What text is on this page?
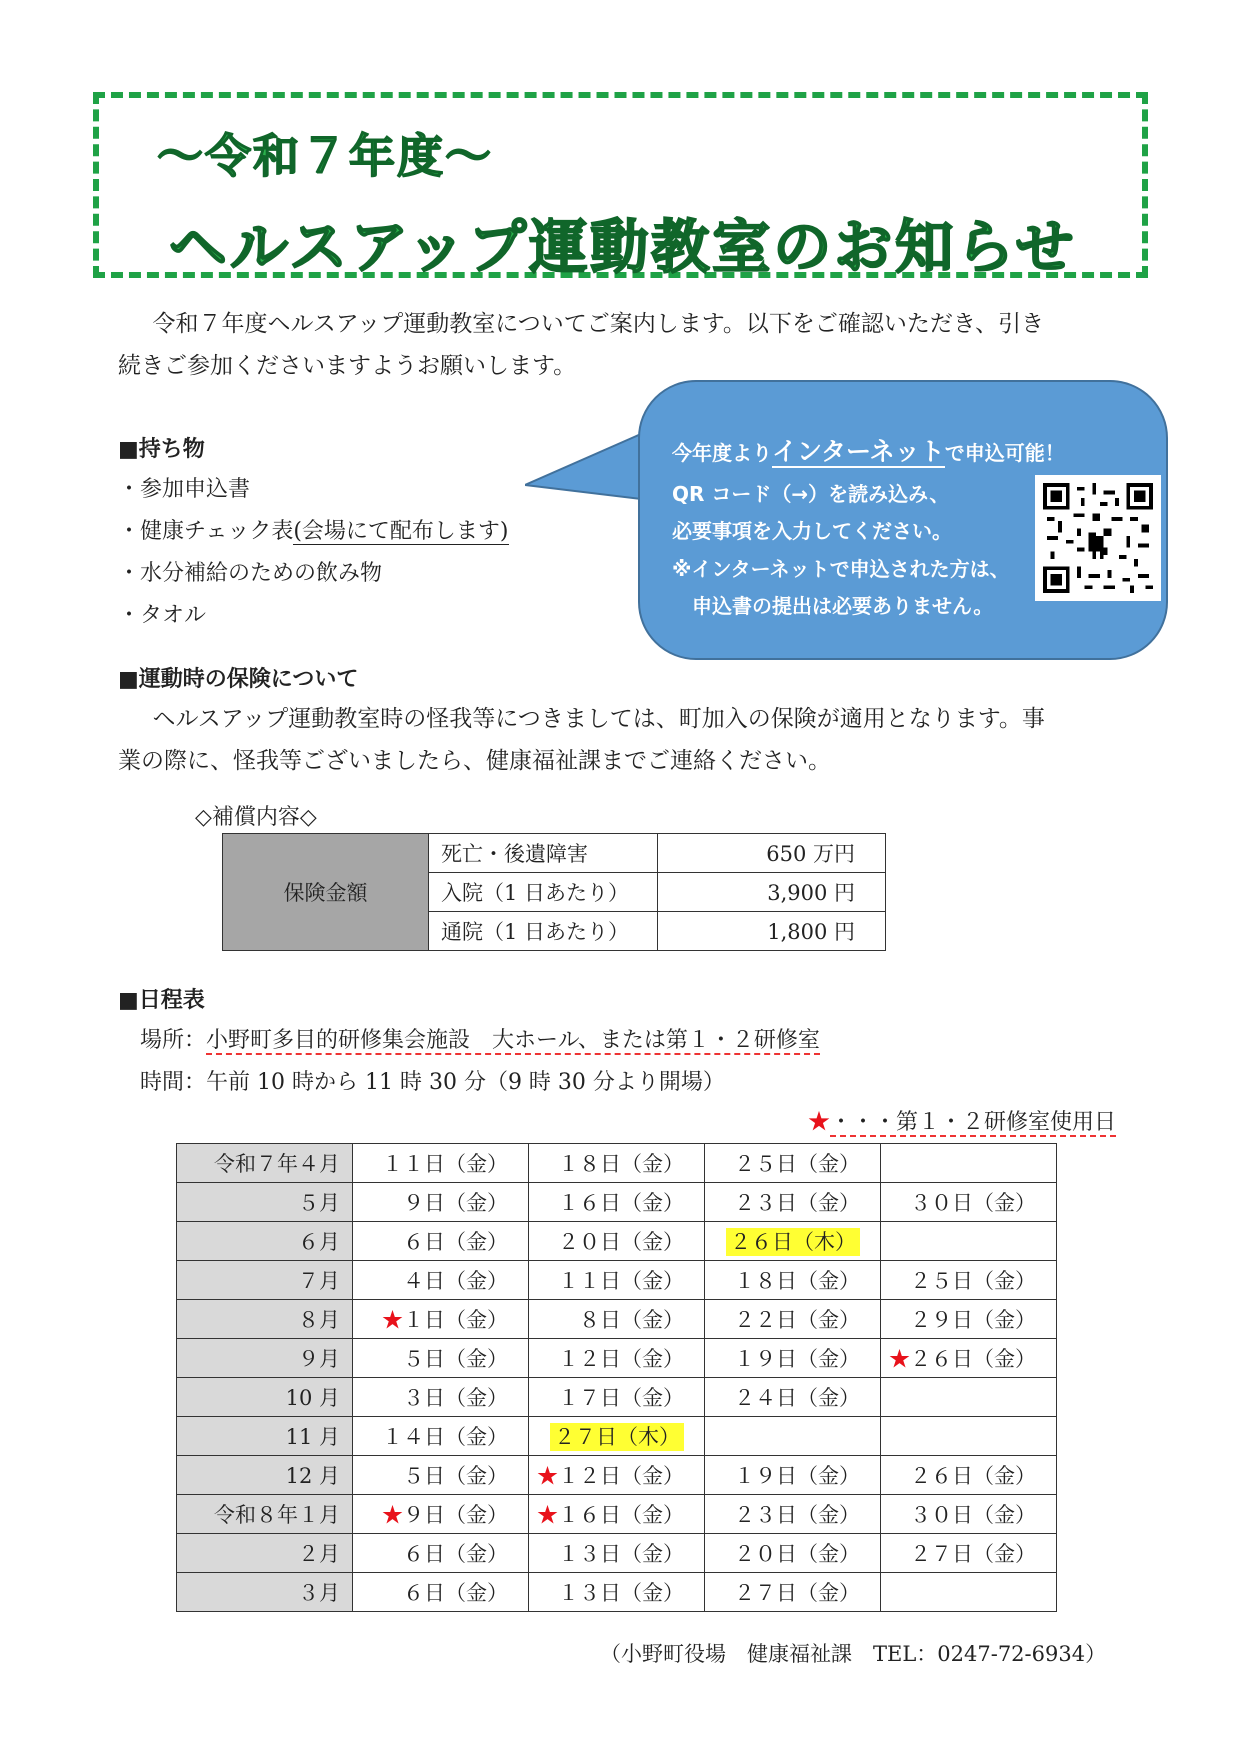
～令和７年度～
ヘルスアップ運動教室のお知らせ
令和７年度ヘルスアップ運動教室についてご案内します。以下をご確認いただき、引き
続きご参加くださいますようお願いします。
■持ち物
・参加申込書
・健康チェック表(会場にて配布します)
・水分補給のための飲み物
・タオル
今年度よりインターネットで申込可能！
QR コード（→）を読み込み、
必要事項を入力してください。
※インターネットで申込された方は、
申込書の提出は必要ありません。
■運動時の保険について
ヘルスアップ運動教室時の怪我等につきましては、町加入の保険が適用となります。事
業の際に、怪我等ございましたら、健康福祉課までご連絡ください。
◇補償内容◇
保険金額	死亡・後遺障害	650 万円
	入院（1 日あたり）	3,900 円
	通院（1 日あたり）	1,800 円
■日程表
場所：小野町多目的研修集会施設　大ホール、または第１・２研修室
時間：午前 10 時から 11 時 30 分（9 時 30 分より開場）
★・・・第１・２研修室使用日
令和７年４月	１１日（金）	１８日（金）	２５日（金）	
５月	９日（金）	１６日（金）	２３日（金）	３０日（金）
６月	６日（金）	２０日（金）	２６日（木）	
７月	４日（金）	１１日（金）	１８日（金）	２５日（金）
８月	★１日（金）	８日（金）	２２日（金）	２９日（金）
９月	５日（金）	１２日（金）	１９日（金）	★２６日（金）
10 月	３日（金）	１７日（金）	２４日（金）	
11 月	１４日（金）	２７日（木）		
12 月	５日（金）	★１２日（金）	１９日（金）	２６日（金）
令和８年１月	★９日（金）	★１６日（金）	２３日（金）	３０日（金）
２月	６日（金）	１３日（金）	２０日（金）	２７日（金）
３月	６日（金）	１３日（金）	２７日（金）	
（小野町役場　健康福祉課　TEL：0247-72-6934）
